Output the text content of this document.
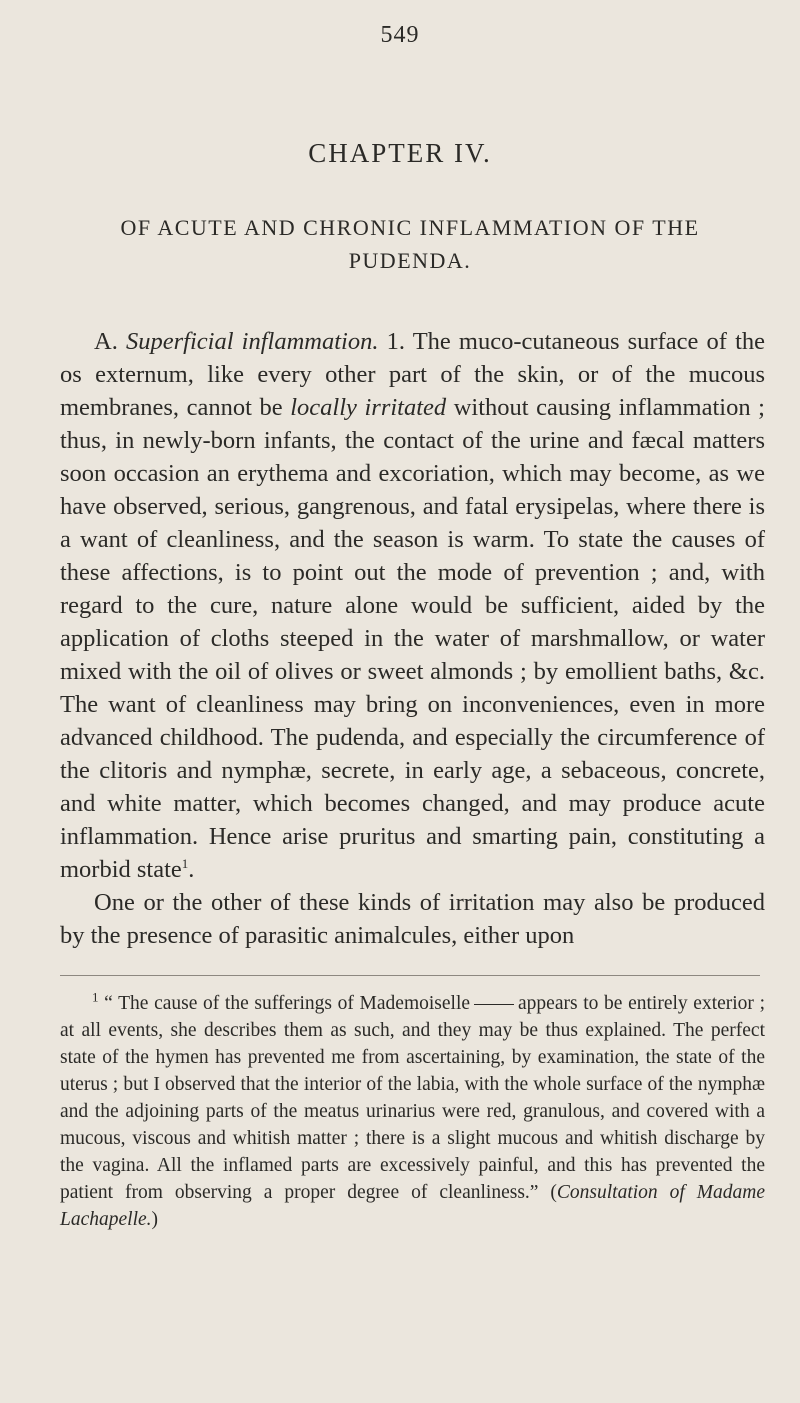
549
CHAPTER IV.
OF ACUTE AND CHRONIC INFLAMMATION OF THE PUDENDA.

A. Superficial inflammation. 1. The muco-cutaneous surface of the os externum, like every other part of the skin, or of the mucous membranes, cannot be locally irritated without causing inflammation ; thus, in newly-born infants, the contact of the urine and fæcal matters soon occasion an erythema and excoriation, which may become, as we have observed, serious, gangrenous, and fatal erysipelas, where there is a want of cleanliness, and the season is warm. To state the causes of these affections, is to point out the mode of prevention ; and, with regard to the cure, nature alone would be sufficient, aided by the application of cloths steeped in the water of marshmallow, or water mixed with the oil of olives or sweet almonds ; by emollient baths, &c. The want of cleanliness may bring on inconveniences, even in more advanced childhood. The pudenda, and especially the circumference of the clitoris and nymphæ, secrete, in early age, a sebaceous, concrete, and white matter, which becomes changed, and may produce acute inflammation. Hence arise pruritus and smarting pain, constituting a morbid state$^1$.

One or the other of these kinds of irritation may also be produced by the presence of parasitic animalcules, either upon

$^1$ “ The cause of the sufferings of Mademoiselle appears to be entirely exterior ; at all events, she describes them as such, and they may be thus explained. The perfect state of the hymen has prevented me from ascertaining, by examination, the state of the uterus ; but I observed that the interior of the labia, with the whole surface of the nymphæ and the adjoining parts of the meatus urinarius were red, granulous, and covered with a mucous, viscous and whitish matter ; there is a slight mucous and whitish discharge by the vagina. All the inflamed parts are excessively painful, and this has prevented the patient from observing a proper degree of cleanliness.” (Consultation of Madame Lachapelle.)
